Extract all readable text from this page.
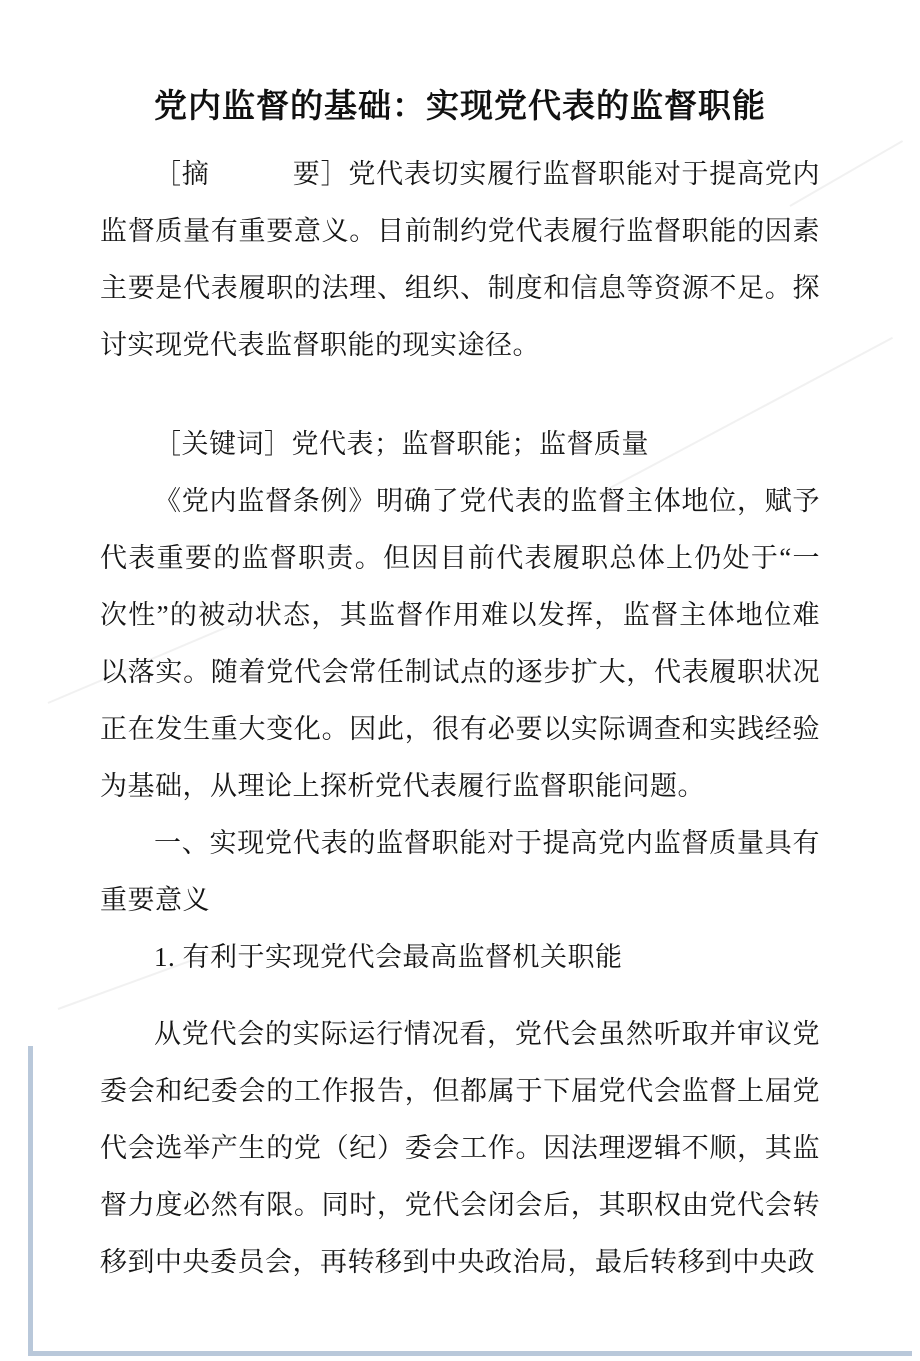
党内监督的基础：实现党代表的监督职能

［摘　　　要］党代表切实履行监督职能对于提高党内监督质量有重要意义。目前制约党代表履行监督职能的因素主要是代表履职的法理、组织、制度和信息等资源不足。探讨实现党代表监督职能的现实途径。

［关键词］党代表；监督职能；监督质量

《党内监督条例》明确了党代表的监督主体地位，赋予代表重要的监督职责。但因目前代表履职总体上仍处于“一次性”的被动状态，其监督作用难以发挥，监督主体地位难以落实。随着党代会常任制试点的逐步扩大，代表履职状况正在发生重大变化。因此，很有必要以实际调查和实践经验为基础，从理论上探析党代表履行监督职能问题。

一、实现党代表的监督职能对于提高党内监督质量具有重要意义

1. 有利于实现党代会最高监督机关职能

从党代会的实际运行情况看，党代会虽然听取并审议党委会和纪委会的工作报告，但都属于下届党代会监督上届党代会选举产生的党（纪）委会工作。因法理逻辑不顺，其监督力度必然有限。同时，党代会闭会后，其职权由党代会转移到中央委员会，再转移到中央政治局，最后转移到中央政
